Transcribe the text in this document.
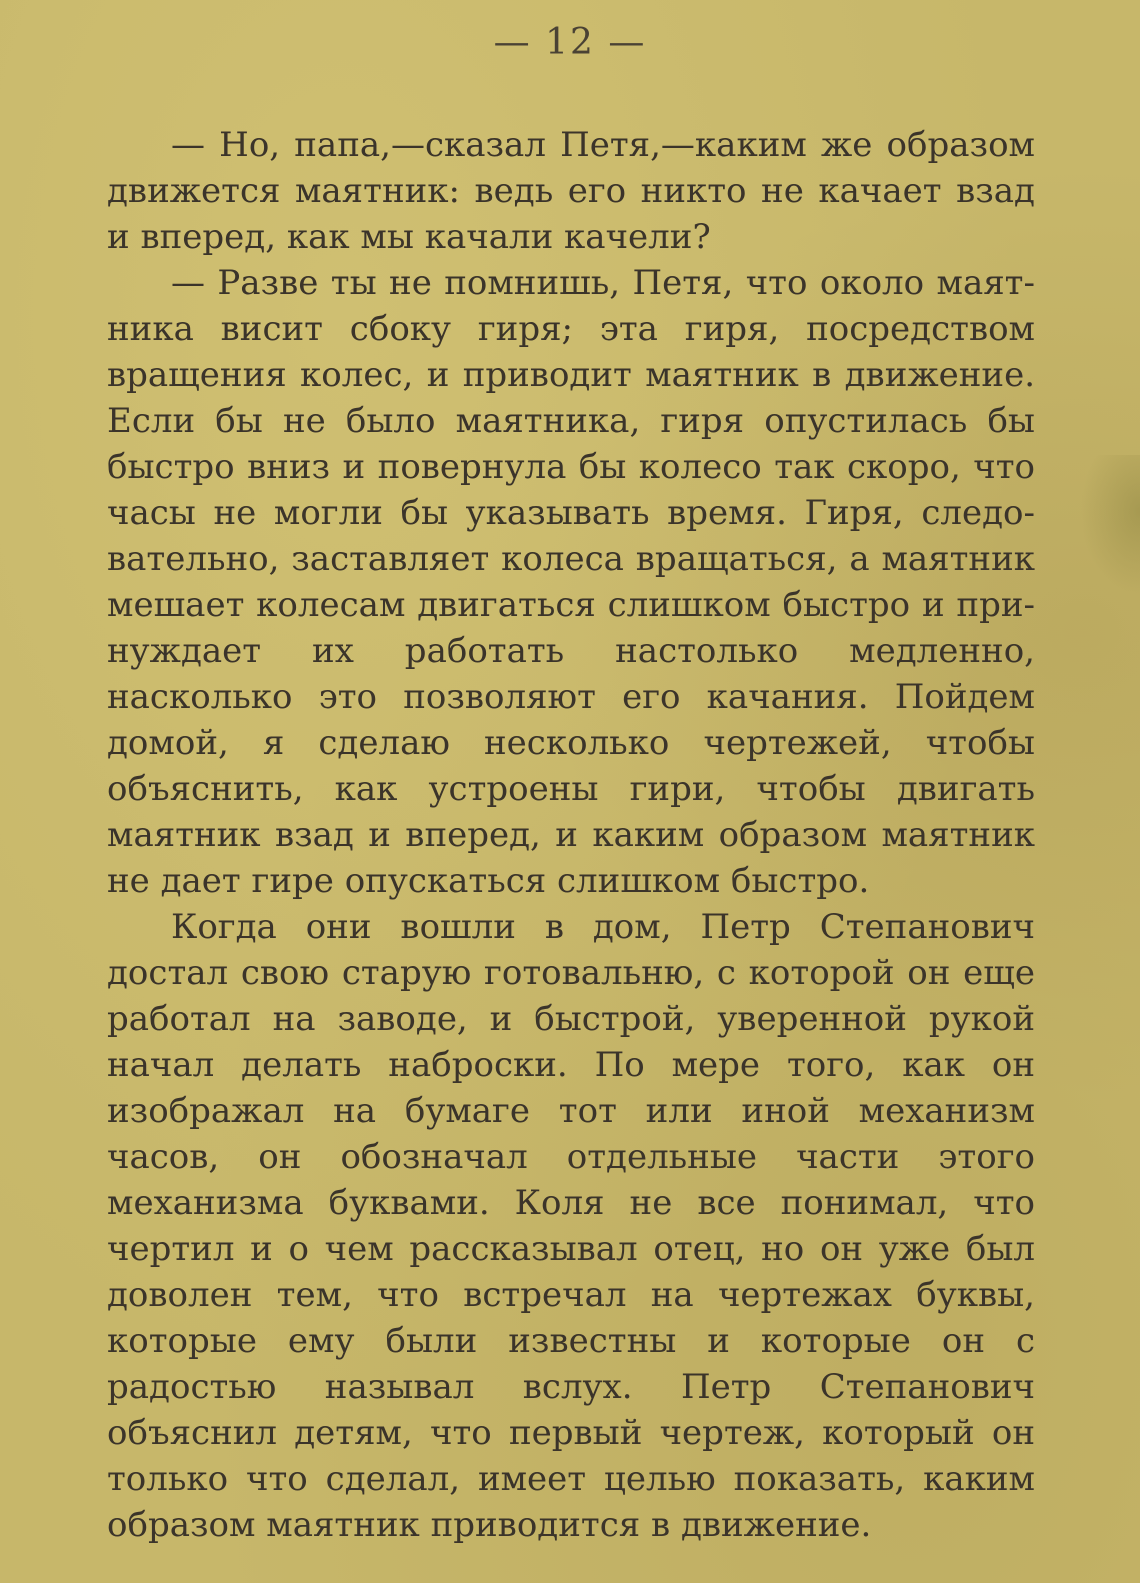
— 12 —

— Но, папа,—сказал Петя,—каким же образом движется маятник: ведь его никто не качает взад и вперед, как мы качали качели?

— Разве ты не помнишь, Петя, что около маятника висит сбоку гиря; эта гиря, посредством вращения колес, и приводит маятник в движение. Если бы не было маятника, гиря опустилась бы быстро вниз и повернула бы колесо так скоро, что часы не могли бы указывать время. Гиря, следовательно, заставляет колеса вращаться, а маятник мешает колесам двигаться слишком быстро и принуждает их работать настолько медленно, насколько это позволяют его качания. Пойдем домой, я сделаю несколько чертежей, чтобы объяснить, как устроены гири, чтобы двигать маятник взад и вперед, и каким образом маятник не дает гире опускаться слишком быстро.

Когда они вошли в дом, Петр Степанович достал свою старую готовальню, с которой он еще работал на заводе, и быстрой, уверенной рукой начал делать наброски. По мере того, как он изображал на бумаге тот или иной механизм часов, он обозначал отдельные части этого механизма буквами. Коля не все понимал, что чертил и о чем рассказывал отец, но он уже был доволен тем, что встречал на чертежах буквы, которые ему были известны и которые он с радостью называл вслух. Петр Степанович объяснил детям, что первый чертеж, который он только что сделал, имеет целью показать, каким образом маятник приводится в движение.
